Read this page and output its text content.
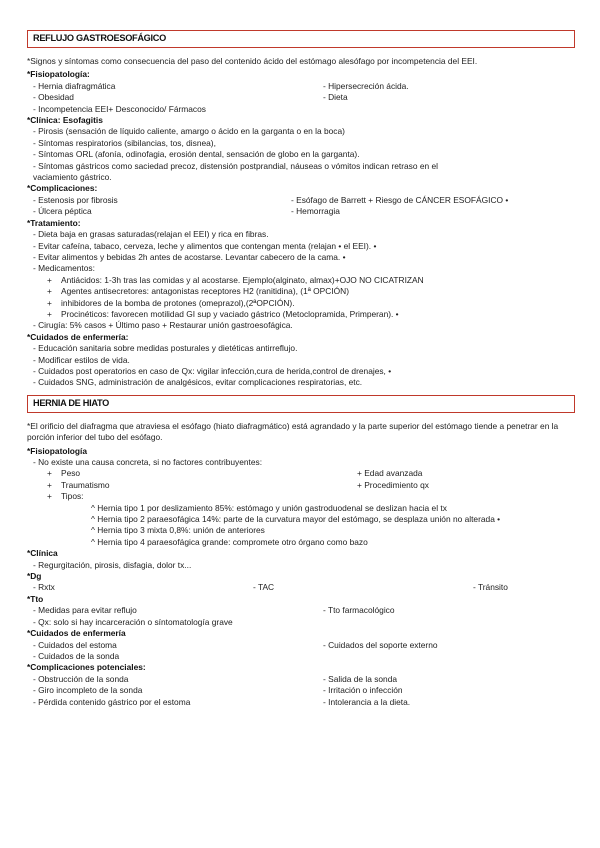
REFLUJO GASTROESOFÁGICO

*Signos y síntomas como consecuencia del paso del contenido ácido del estómago alesófago por incompetencia del EEI.

*Fisiopatología:

- Hernia diafragmática	- Hipersecreción ácida.
- Obesidad	- Dieta
- Incompetencia EEI+ Desconocido/ Fármacos

*Clínica: Esofagitis

- Pirosis (sensación de líquido caliente, amargo o ácido en la garganta o en la boca)

- Síntomas respiratorios (sibilancias, tos, disnea),

- Síntomas ORL (afonía, odinofagia, erosión dental, sensación de globo en la garganta).

- Síntomas gástricos como saciedad precoz, distensión postprandial, náuseas o vómitos indican retraso en el

vaciamiento gástrico.

*Complicaciones:

- Estenosis por fibrosis	- Esófago de Barrett + Riesgo de CÁNCER ESOFÁGICO •
- Úlcera péptica	- Hemorragia

*Tratamiento:

- Dieta baja en grasas saturadas(relajan el EEI) y rica en fibras.

- Evitar cafeína, tabaco, cerveza, leche y alimentos que contengan menta (relajan • el EEI). •

- Evitar alimentos y bebidas 2h antes de acostarse. Levantar cabecero de la cama. •

- Medicamentos:

+	Antiácidos: 1-3h tras las comidas y al acostarse. Ejemplo(alginato, almax)+OJO NO CICATRIZAN
+	Agentes antisecretores: antagonistas receptores H2 (ranitidina), (1ª OPCIÓN)
+	inhibidores de la bomba de protones (omeprazol),(2ªOPCIÓN).
+	Procinéticos: favorecen motilidad GI sup y vaciado gástrico (Metoclopramida, Primperan). •

- Cirugía: 5% casos + Último paso + Restaurar unión gastroesofágica.

*Cuidados de enfermería:

- Educación sanitaria sobre medidas posturales y dietéticas antirreflujo.

- Modificar estilos de vida.

- Cuidados post operatorios en caso de Qx: vigilar infección,cura de herida,control de drenajes, •

- Cuidados SNG, administración de analgésicos, evitar complicaciones respiratorias, etc.

HERNIA DE HIATO

*El orificio del diafragma que atraviesa el esófago (hiato diafragmático) está agrandado y la parte superior del estómago tiende a penetrar en la porción inferior del tubo del esófago.

*Fisiopatología

- No existe una causa concreta, si no factores contribuyentes:

+	Peso	+ Edad avanzada
+	Traumatismo	+ Procedimiento qx
+	Tipos:

^ Hernia tipo 1 por deslizamiento 85%: estómago y unión gastroduodenal se deslizan hacia el tx

^ Hernia tipo 2 paraesofágica 14%: parte de la curvatura mayor del estómago, se desplaza unión no alterada •

^ Hernia tipo 3 mixta 0,8%: unión de anteriores

^ Hernia tipo 4 paraesofágica grande: compromete otro órgano como bazo

*Clínica

- Regurgitación, pirosis, disfagia, dolor tx...

*Dg

- Rxtx	- TAC	- Tránsito

*Tto

- Medidas para evitar reflujo	- Tto farmacológico
- Qx: solo si hay incarceración o síntomatología grave

*Cuidados de enfermería

- Cuidados del estoma	- Cuidados del soporte externo
- Cuidados de la sonda

*Complicaciones potenciales:

- Obstrucción de la sonda	- Salida de la sonda
- Giro incompleto de la sonda	- Irritación o infección
- Pérdida contenido gástrico por el estoma	- Intolerancia a la dieta.
